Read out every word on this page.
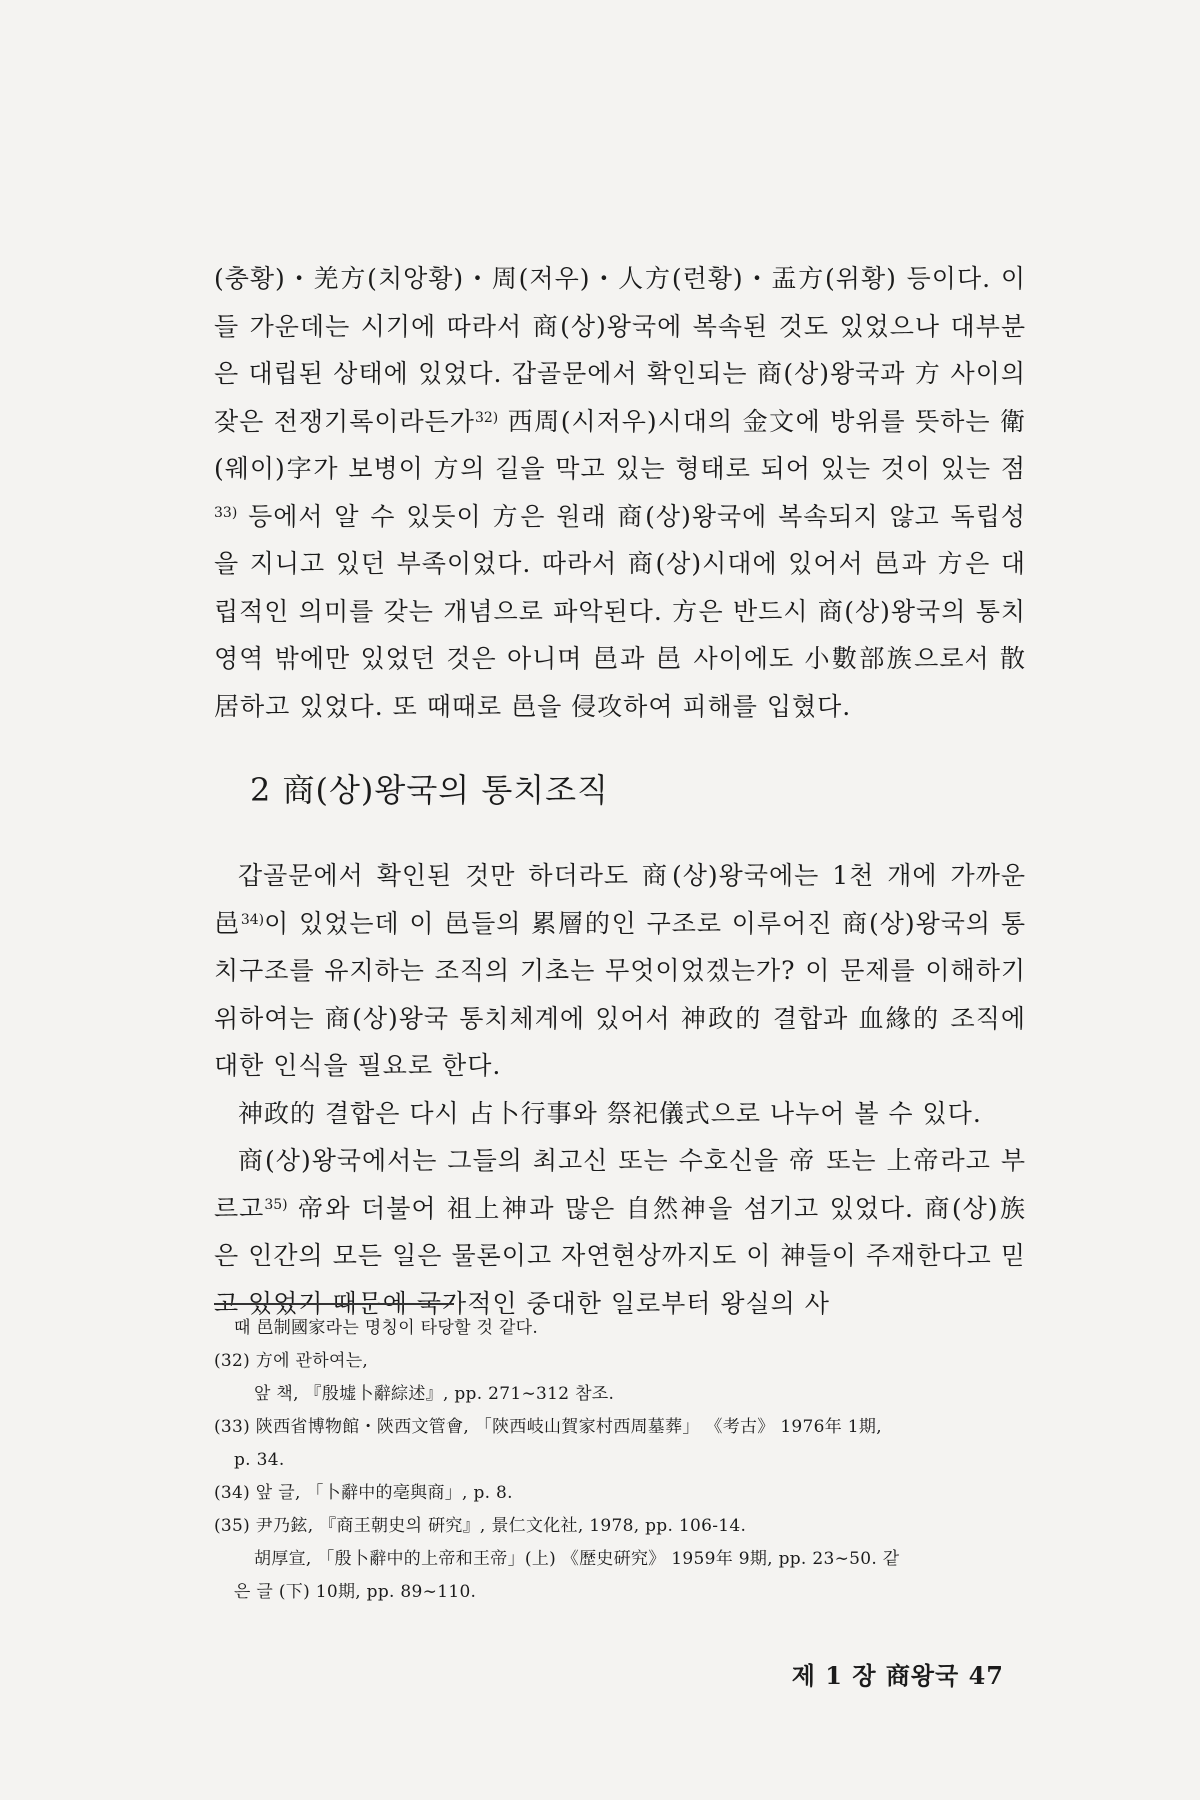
(충황)・羌方(치앙황)・周(저우)・人方(런황)・盂方(위황) 등이다. 이들 가운데는 시기에 따라서 商(상)왕국에 복속된 것도 있었으나 대부분은 대립된 상태에 있었다. 갑골문에서 확인되는 商(상)왕국과 方 사이의 잦은 전쟁기록이라든가$^{32)}$ 西周(시저우)시대의 金文에 방위를 뜻하는 衛(웨이)字가 보병이 方의 길을 막고 있는 형태로 되어 있는 것이 있는 점$^{33)}$ 등에서 알 수 있듯이 方은 원래 商(상)왕국에 복속되지 않고 독립성을 지니고 있던 부족이었다. 따라서 商(상)시대에 있어서 邑과 方은 대립적인 의미를 갖는 개념으로 파악된다. 方은 반드시 商(상)왕국의 통치영역 밖에만 있었던 것은 아니며 邑과 邑 사이에도 小數部族으로서 散居하고 있었다. 또 때때로 邑을 侵攻하여 피해를 입혔다.

2 商(상)왕국의 통치조직

갑골문에서 확인된 것만 하더라도 商(상)왕국에는 1천 개에 가까운 邑$^{34)}$이 있었는데 이 邑들의 累層的인 구조로 이루어진 商(상)왕국의 통치구조를 유지하는 조직의 기초는 무엇이었겠는가? 이 문제를 이해하기 위하여는 商(상)왕국 통치체계에 있어서 神政的 결합과 血緣的 조직에 대한 인식을 필요로 한다.

神政的 결합은 다시 占卜行事와 祭祀儀式으로 나누어 볼 수 있다.

商(상)왕국에서는 그들의 최고신 또는 수호신을 帝 또는 上帝라고 부르고$^{35)}$ 帝와 더불어 祖上神과 많은 自然神을 섬기고 있었다. 商(상)族은 인간의 모든 일은 물론이고 자연현상까지도 이 神들이 주재한다고 믿고 있었기 때문에 국가적인 중대한 일로부터 왕실의 사

때 邑制國家라는 명칭이 타당할 것 같다.

(32) 方에 관하여는,

앞 책, 『殷墟卜辭綜述』, pp. 271∼312 참조.

(33) 陝西省博物館・陝西文管會, 「陝西岐山賀家村西周墓葬」 《考古》 1976年 1期,

p. 34.

(34) 앞 글, 「卜辭中的亳與商」, p. 8.

(35) 尹乃鉉, 『商王朝史의 硏究』, 景仁文化社, 1978, pp. 106-14.

胡厚宣, 「殷卜辭中的上帝和王帝」(上) 《歷史硏究》 1959年 9期, pp. 23∼50. 같

은 글 (下) 10期, pp. 89∼110.

제 1 장 商왕국 47
